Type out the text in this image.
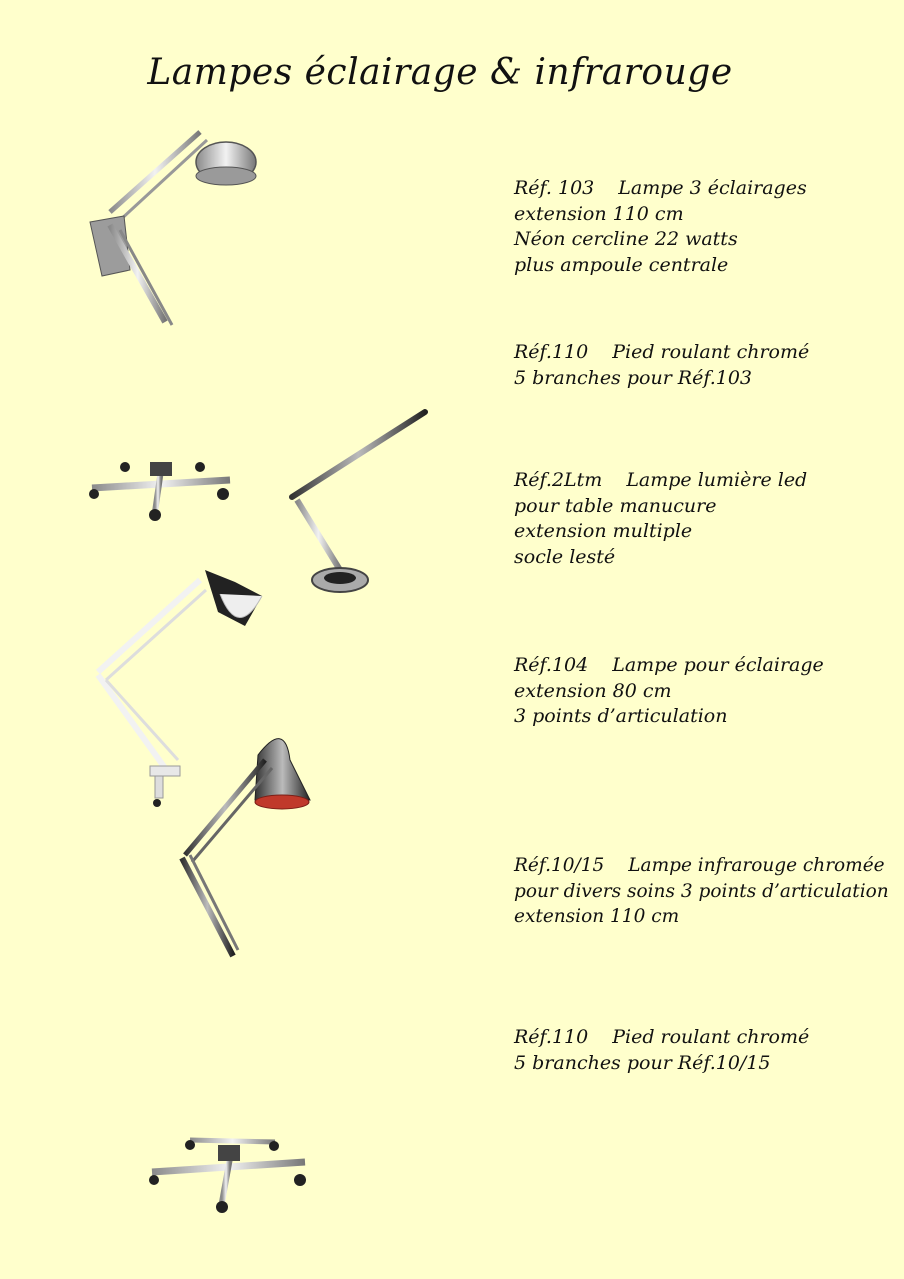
Lampes éclairage & infrarouge
Réf. 103 Lampe 3 éclairages
extension 110 cm
Néon cercline 22 watts
plus ampoule centrale
Réf.110 Pied roulant chromé
5 branches pour Réf.103
Réf.2Ltm Lampe lumière led
pour table manucure
extension multiple
socle lesté
Réf.104 Lampe pour éclairage
extension 80 cm
3 points d’articulation
Réf.10/15 Lampe infrarouge chromée
pour divers soins 3 points d’articulation
extension 110 cm
Réf.110 Pied roulant chromé
5 branches pour Réf.10/15
